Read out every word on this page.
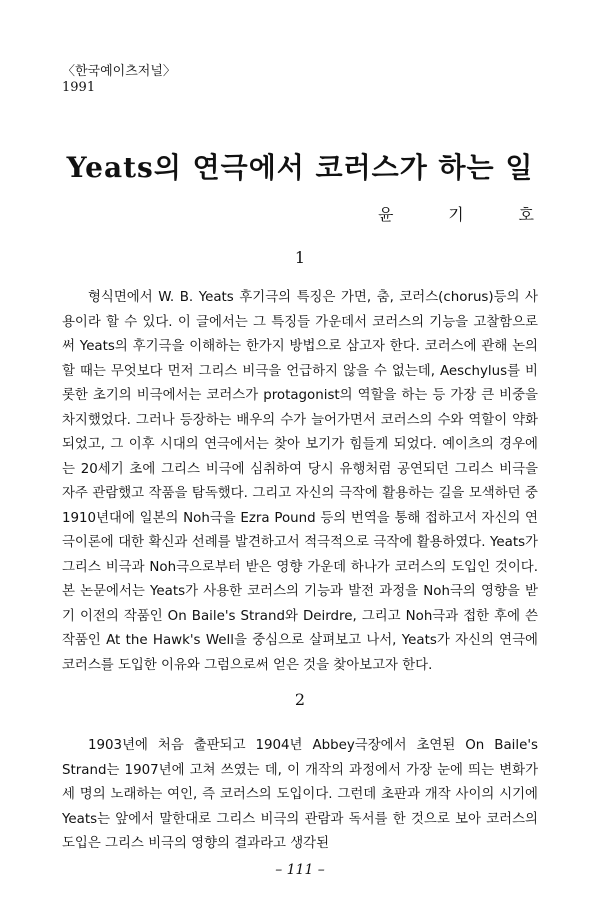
〈한국예이츠저널〉
1991
Yeats의 연극에서 코러스가 하는 일
윤	기	호
1

형식면에서 W. B. Yeats 후기극의 특징은 가면, 춤, 코러스(chorus)등의 사용이라 할 수 있다. 이 글에서는 그 특징들 가운데서 코러스의 기능을 고찰함으로써 Yeats의 후기극을 이해하는 한가지 방법으로 삼고자 한다. 코러스에 관해 논의할 때는 무엇보다 먼저 그리스 비극을 언급하지 않을 수 없는데, Aeschylus를 비롯한 초기의 비극에서는 코러스가 protagonist의 역할을 하는 등 가장 큰 비중을 차지했었다. 그러나 등장하는 배우의 수가 늘어가면서 코러스의 수와 역할이 약화되었고, 그 이후 시대의 연극에서는 찾아 보기가 힘들게 되었다. 예이츠의 경우에는 20세기 초에 그리스 비극에 심취하여 당시 유행처럼 공연되던 그리스 비극을 자주 관람했고 작품을 탐독했다. 그리고 자신의 극작에 활용하는 길을 모색하던 중 1910년대에 일본의 Noh극을 Ezra Pound 등의 번역을 통해 접하고서 자신의 연극이론에 대한 확신과 선례를 발견하고서 적극적으로 극작에 활용하였다. Yeats가 그리스 비극과 Noh극으로부터 받은 영향 가운데 하나가 코러스의 도입인 것이다. 본 논문에서는 Yeats가 사용한 코러스의 기능과 발전 과정을 Noh극의 영향을 받기 이전의 작품인 On Baile's Strand와 Deirdre, 그리고 Noh극과 접한 후에 쓴 작품인 At the Hawk's Well을 중심으로 살펴보고 나서, Yeats가 자신의 연극에 코러스를 도입한 이유와 그럼으로써 얻은 것을 찾아보고자 한다.

2

1903년에 처음 출판되고 1904년 Abbey극장에서 초연된 On Baile's Strand는 1907년에 고쳐 쓰였는 데, 이 개작의 과정에서 가장 눈에 띄는 변화가 세 명의 노래하는 여인, 즉 코러스의 도입이다. 그런데 초판과 개작 사이의 시기에 Yeats는 앞에서 말한대로 그리스 비극의 관람과 독서를 한 것으로 보아 코러스의 도입은 그리스 비극의 영향의 결과라고 생각된

– 111 –
